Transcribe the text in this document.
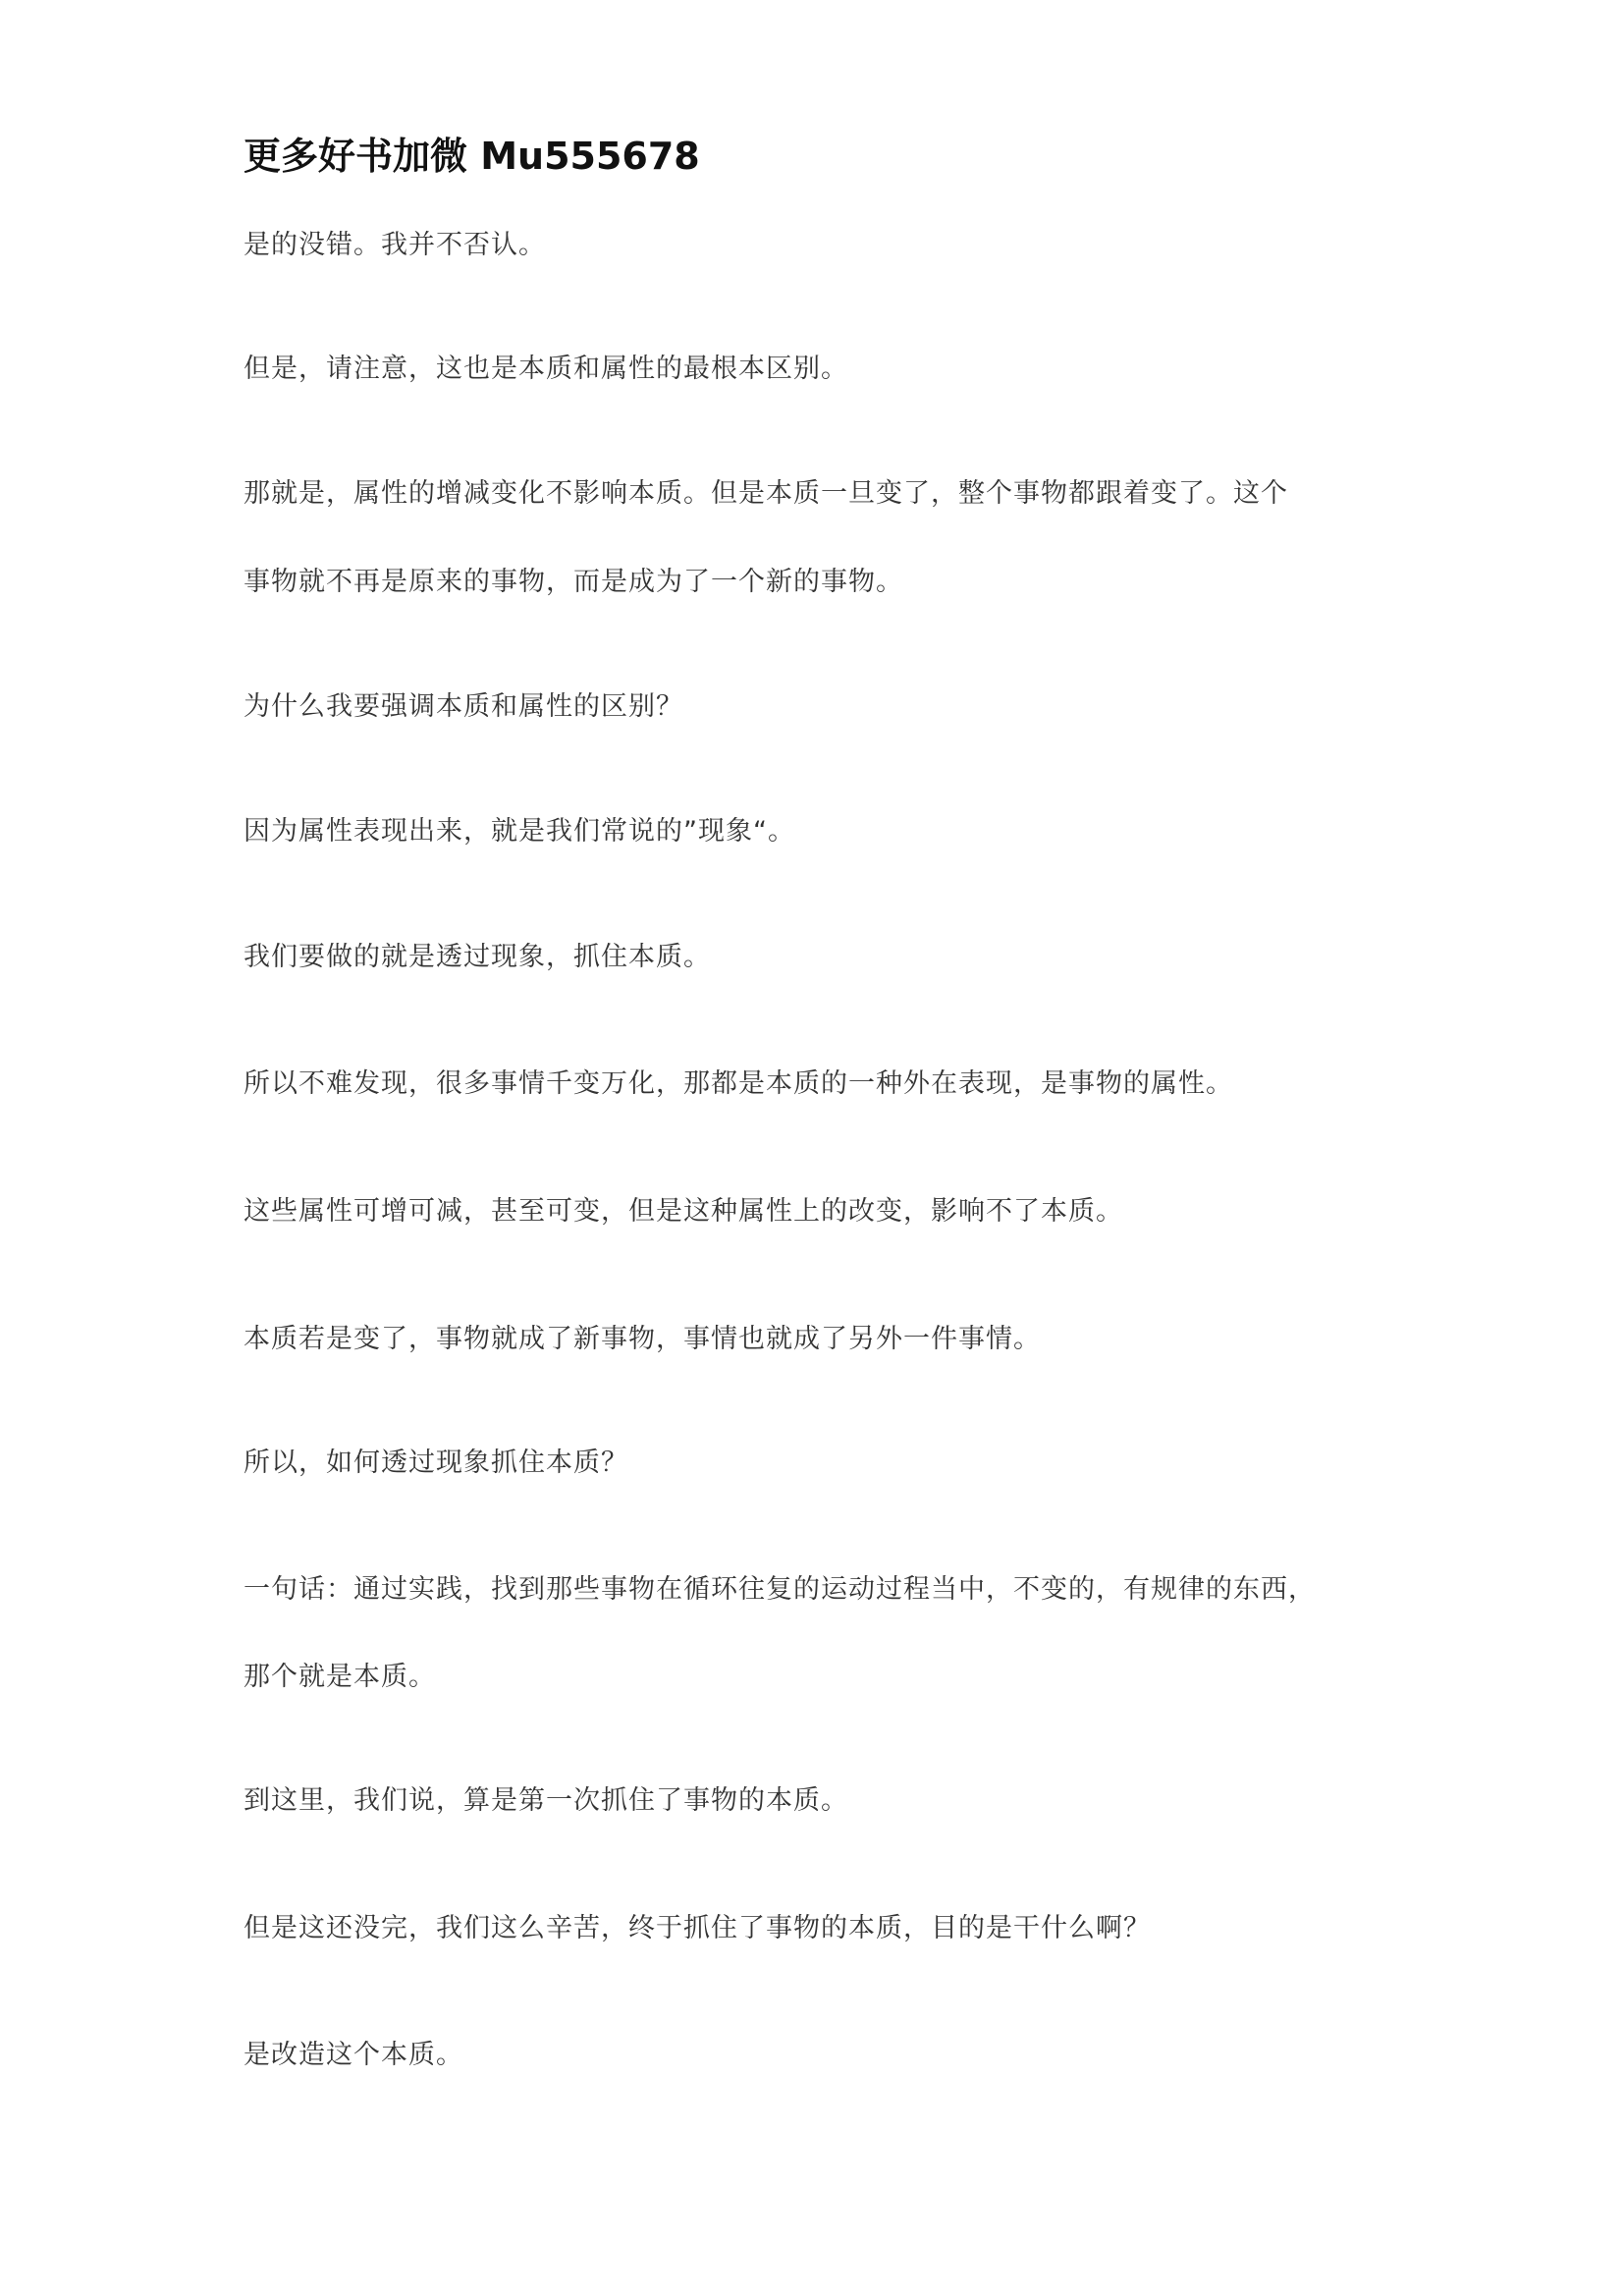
更多好书加微 Mu555678

是的没错。我并不否认。

但是，请注意，这也是本质和属性的最根本区别。

那就是，属性的增减变化不影响本质。但是本质一旦变了，整个事物都跟着变了。这个

事物就不再是原来的事物，而是成为了一个新的事物。

为什么我要强调本质和属性的区别？

因为属性表现出来，就是我们常说的”现象“。

我们要做的就是透过现象，抓住本质。

所以不难发现，很多事情千变万化，那都是本质的一种外在表现，是事物的属性。

这些属性可增可减，甚至可变，但是这种属性上的改变，影响不了本质。

本质若是变了，事物就成了新事物，事情也就成了另外一件事情。

所以，如何透过现象抓住本质？

一句话：通过实践，找到那些事物在循环往复的运动过程当中，不变的，有规律的东西，

那个就是本质。

到这里，我们说，算是第一次抓住了事物的本质。

但是这还没完，我们这么辛苦，终于抓住了事物的本质，目的是干什么啊？

是改造这个本质。
